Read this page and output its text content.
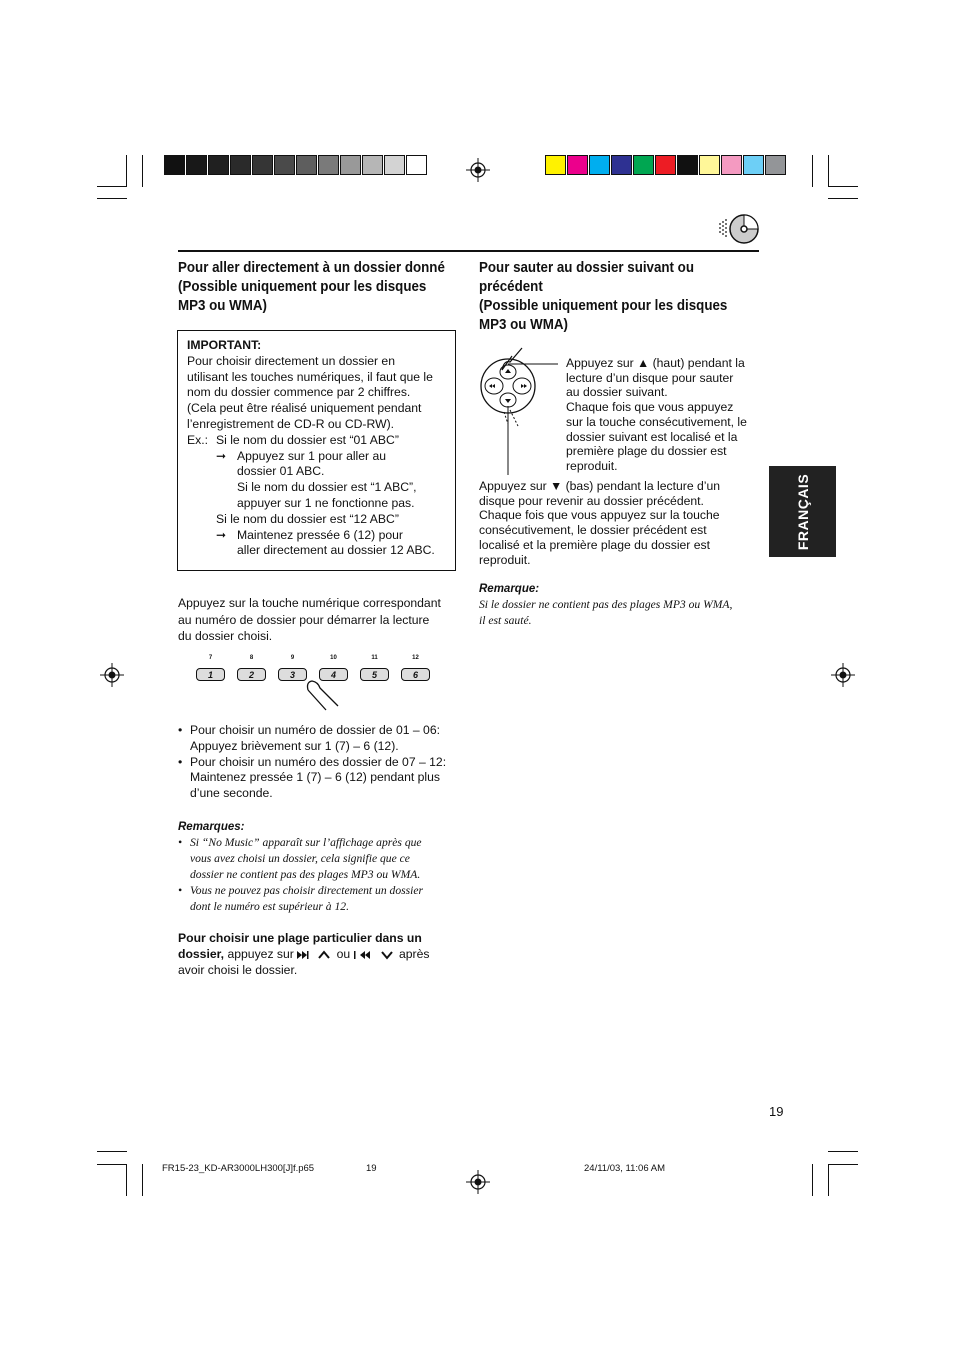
Pour aller directement à un dossier donné
(Possible uniquement pour les disques
MP3 ou WMA)
IMPORTANT:
Pour choisir directement un dossier en
utilisant les touches numériques, il faut que le
nom du dossier commence par 2 chiffres.
(Cela peut être réalisé uniquement pendant
l’enregistrement de CD-R ou CD-RW).
Ex.: Si le nom du dossier est “01 ABC”
➞ Appuyez sur 1 pour aller au
dossier 01 ABC.
Si le nom du dossier est “1 ABC”,
appuyer sur 1 ne fonctionne pas.
Si le nom du dossier est “12 ABC”
➞ Maintenez pressée 6 (12) pour
aller directement au dossier 12 ABC.
Appuyez sur la touche numérique correspondant
au numéro de dossier pour démarrer la lecture
du dossier choisi.
7
1
8
2
9
3
10
4
11
5
12
6
• Pour choisir un numéro de dossier de 01 – 06:
Appuyez brièvement sur 1 (7) – 6 (12).
• Pour choisir un numéro des dossier de 07 – 12:
Maintenez pressée 1 (7) – 6 (12) pendant plus
d’une seconde.
Remarques:
• Si “No Music” apparaît sur l’affichage après que
vous avez choisi un dossier, cela signifie que ce
dossier ne contient pas des plages MP3 ou WMA.
• Vous ne pouvez pas choisir directement un dossier
dont le numéro est supérieur à 12.
Pour choisir une plage particulier dans un
dossier, appuyez sur	ou	après
avoir choisi le dossier.
Pour sauter au dossier suivant ou
précédent
(Possible uniquement pour les disques
MP3 ou WMA)
Appuyez sur ▲ (haut) pendant la
lecture d’un disque pour sauter
au dossier suivant.
Chaque fois que vous appuyez
sur la touche consécutivement, le
dossier suivant est localisé et la
première plage du dossier est
reproduit.
Appuyez sur ▼ (bas) pendant la lecture d’un
disque pour revenir au dossier précédent.
Chaque fois que vous appuyez sur la touche
consécutivement, le dossier précédent est
localisé et la première plage du dossier est
reproduit.
Remarque:
Si le dossier ne contient pas des plages MP3 ou WMA,
il est sauté.
FRANÇAIS
19
FR15-23_KD-AR3000LH300[J]f.p65	19	24/11/03, 11:06 AM
